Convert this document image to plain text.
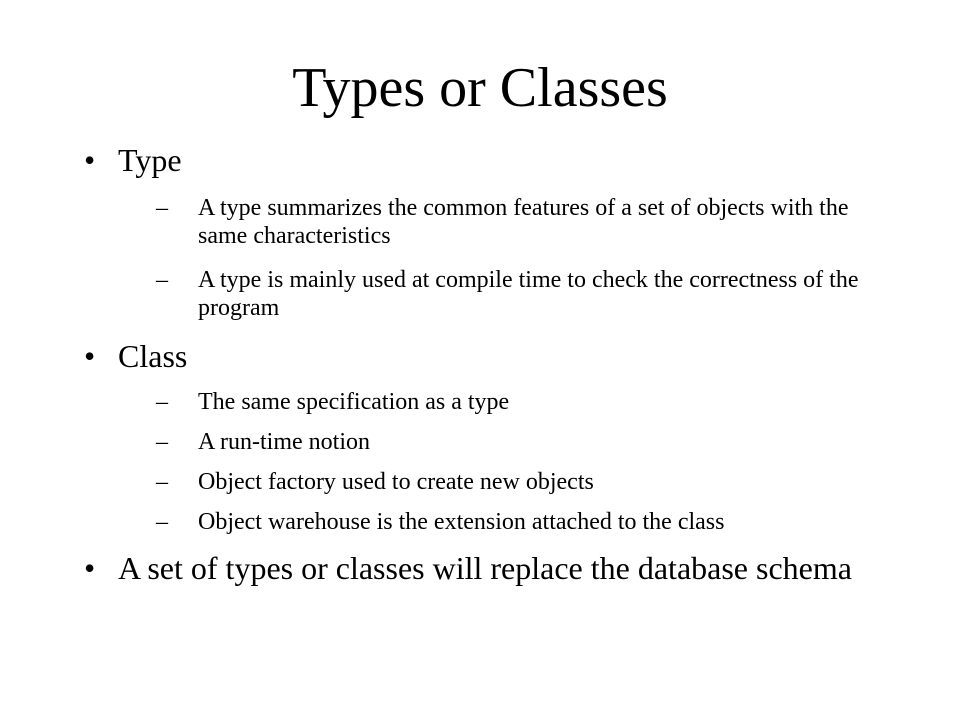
Types or Classes
• Type
–	A type summarizes the common features of a set of objects with the same characteristics
–	A type is mainly used at compile time to check the correctness of the program
• Class
–	The same specification as a type
–	A run-time notion
–	Object factory used to create new objects
–	Object warehouse is the extension attached to the class
• A set of types or classes will replace the database schema
